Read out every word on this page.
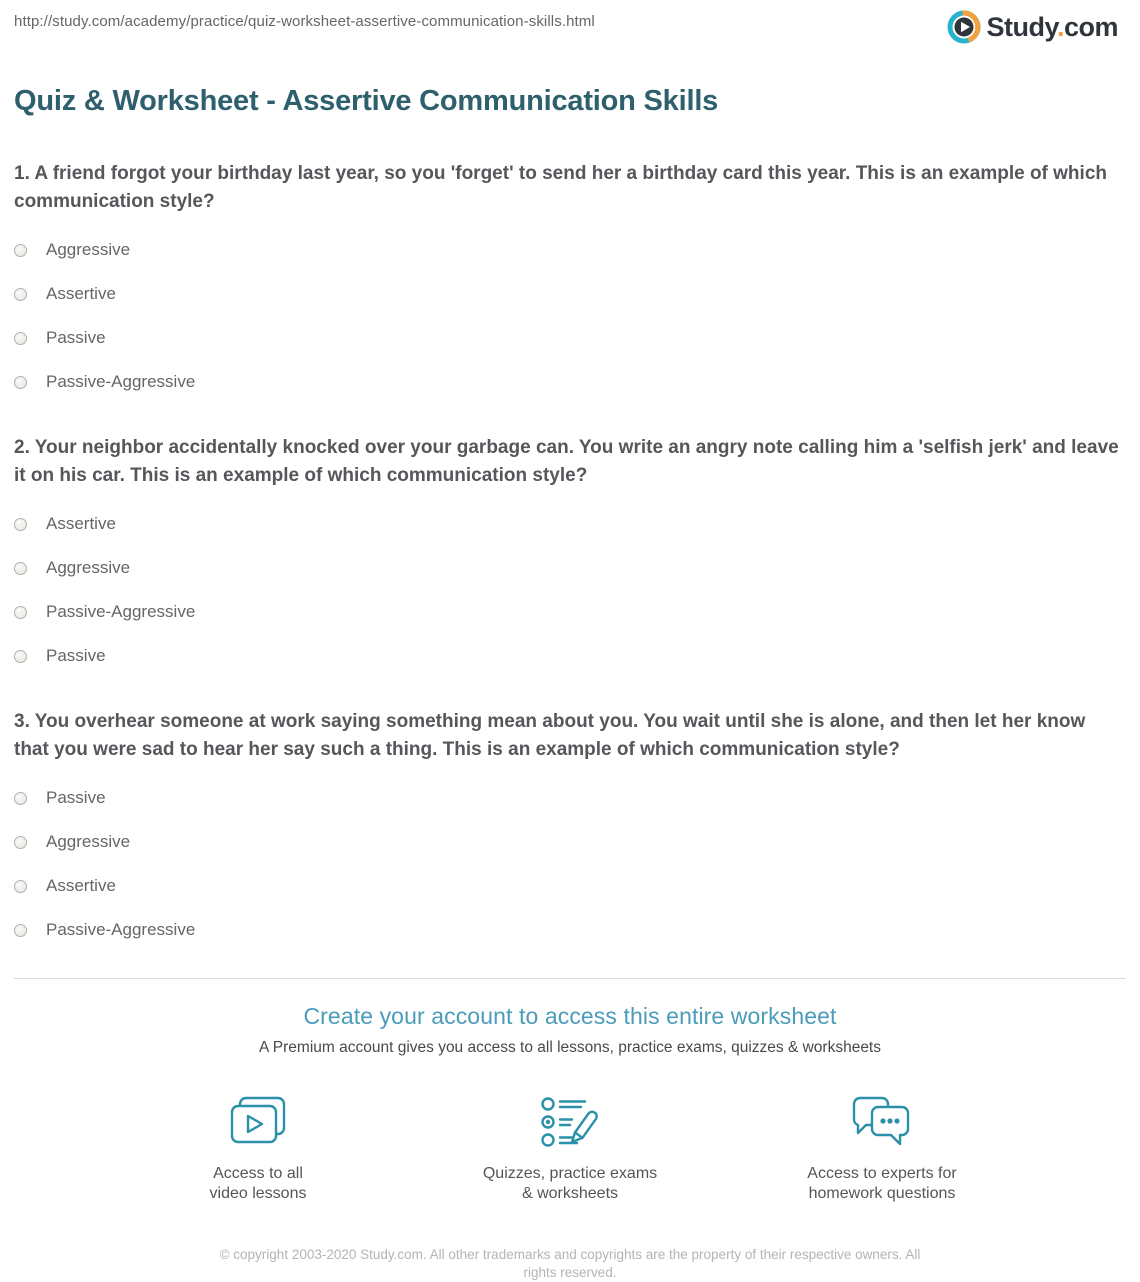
http://study.com/academy/practice/quiz-worksheet-assertive-communication-skills.html	Study.com
Quiz & Worksheet - Assertive Communication Skills

1. A friend forgot your birthday last year, so you 'forget' to send her a birthday card this year. This is an example of which communication style?

Aggressive
Assertive
Passive
Passive-Aggressive

2. Your neighbor accidentally knocked over your garbage can. You write an angry note calling him a 'selfish jerk' and leave it on his car. This is an example of which communication style?

Assertive
Aggressive
Passive-Aggressive
Passive

3. You overhear someone at work saying something mean about you. You wait until she is alone, and then let her know that you were sad to hear her say such a thing. This is an example of which communication style?

Passive
Aggressive
Assertive
Passive-Aggressive
Create your account to access this entire worksheet
A Premium account gives you access to all lessons, practice exams, quizzes & worksheets
Access to all
video lessons
Quizzes, practice exams
& worksheets
Access to experts for
homework questions
© copyright 2003-2020 Study.com. All other trademarks and copyrights are the property of their respective owners. All rights reserved.
